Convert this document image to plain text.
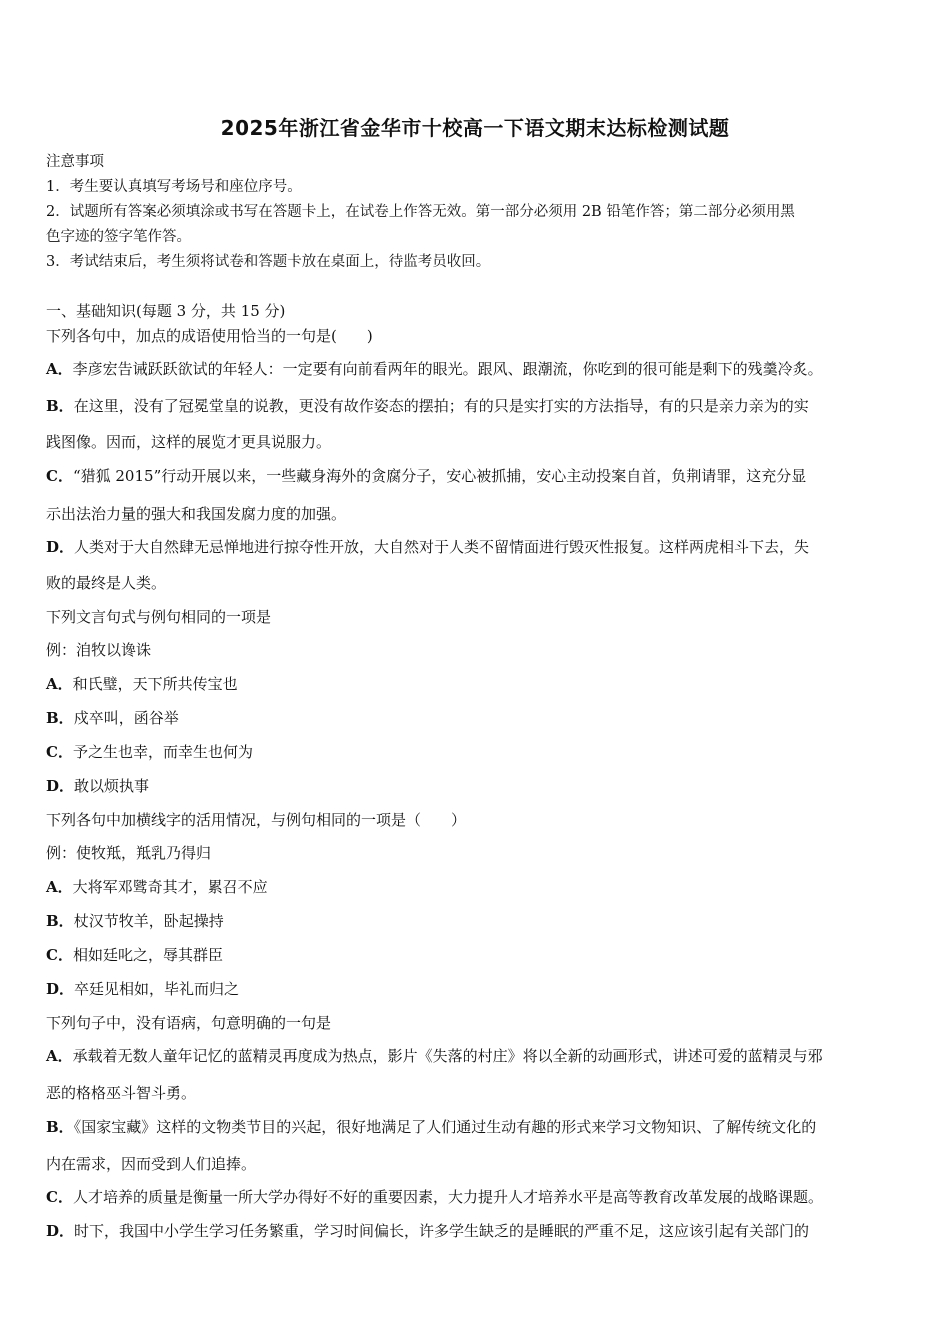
2025年浙江省金华市十校高一下语文期末达标检测试题
注意事项
1．考生要认真填写考场号和座位序号。
2．试题所有答案必须填涂或书写在答题卡上，在试卷上作答无效。第一部分必须用 2B 铅笔作答；第二部分必须用黑
色字迹的签字笔作答。
3．考试结束后，考生须将试卷和答题卡放在桌面上，待监考员收回。
一、基础知识(每题 3 分，共 15 分)
下列各句中，加点的成语使用恰当的一句是(　　)
A．李彦宏告诫跃跃欲试的年轻人：一定要有向前看两年的眼光。跟风、跟潮流，你吃到的很可能是剩下的残羹冷炙。
B．在这里，没有了冠冕堂皇的说教，更没有故作姿态的摆拍；有的只是实打实的方法指导，有的只是亲力亲为的实
践图像。因而，这样的展览才更具说服力。
C．“猎狐 2015”行动开展以来，一些藏身海外的贪腐分子，安心被抓捕，安心主动投案自首，负荆请罪，这充分显
示出法治力量的强大和我国发腐力度的加强。
D．人类对于大自然肆无忌惮地进行掠夺性开放，大自然对于人类不留情面进行毁灭性报复。这样两虎相斗下去，失
败的最终是人类。
下列文言句式与例句相同的一项是
例：洎牧以谗诛
A．和氏璧，天下所共传宝也
B．戍卒叫，函谷举
C．予之生也幸，而幸生也何为
D．敢以烦执事
下列各句中加横线字的活用情况，与例句相同的一项是（　　）
例：使牧羝，羝乳乃得归
A．大将军邓骘奇其才，累召不应
B．杖汉节牧羊，卧起操持
C．相如廷叱之，辱其群臣
D．卒廷见相如，毕礼而归之
下列句子中，没有语病，句意明确的一句是
A．承载着无数人童年记忆的蓝精灵再度成为热点，影片《失落的村庄》将以全新的动画形式，讲述可爱的蓝精灵与邪
恶的格格巫斗智斗勇。
B．《国家宝藏》这样的文物类节目的兴起，很好地满足了人们通过生动有趣的形式来学习文物知识、了解传统文化的
内在需求，因而受到人们追捧。
C．人才培养的质量是衡量一所大学办得好不好的重要因素，大力提升人才培养水平是高等教育改革发展的战略课题。
D．时下，我国中小学生学习任务繁重，学习时间偏长，许多学生缺乏的是睡眠的严重不足，这应该引起有关部门的
